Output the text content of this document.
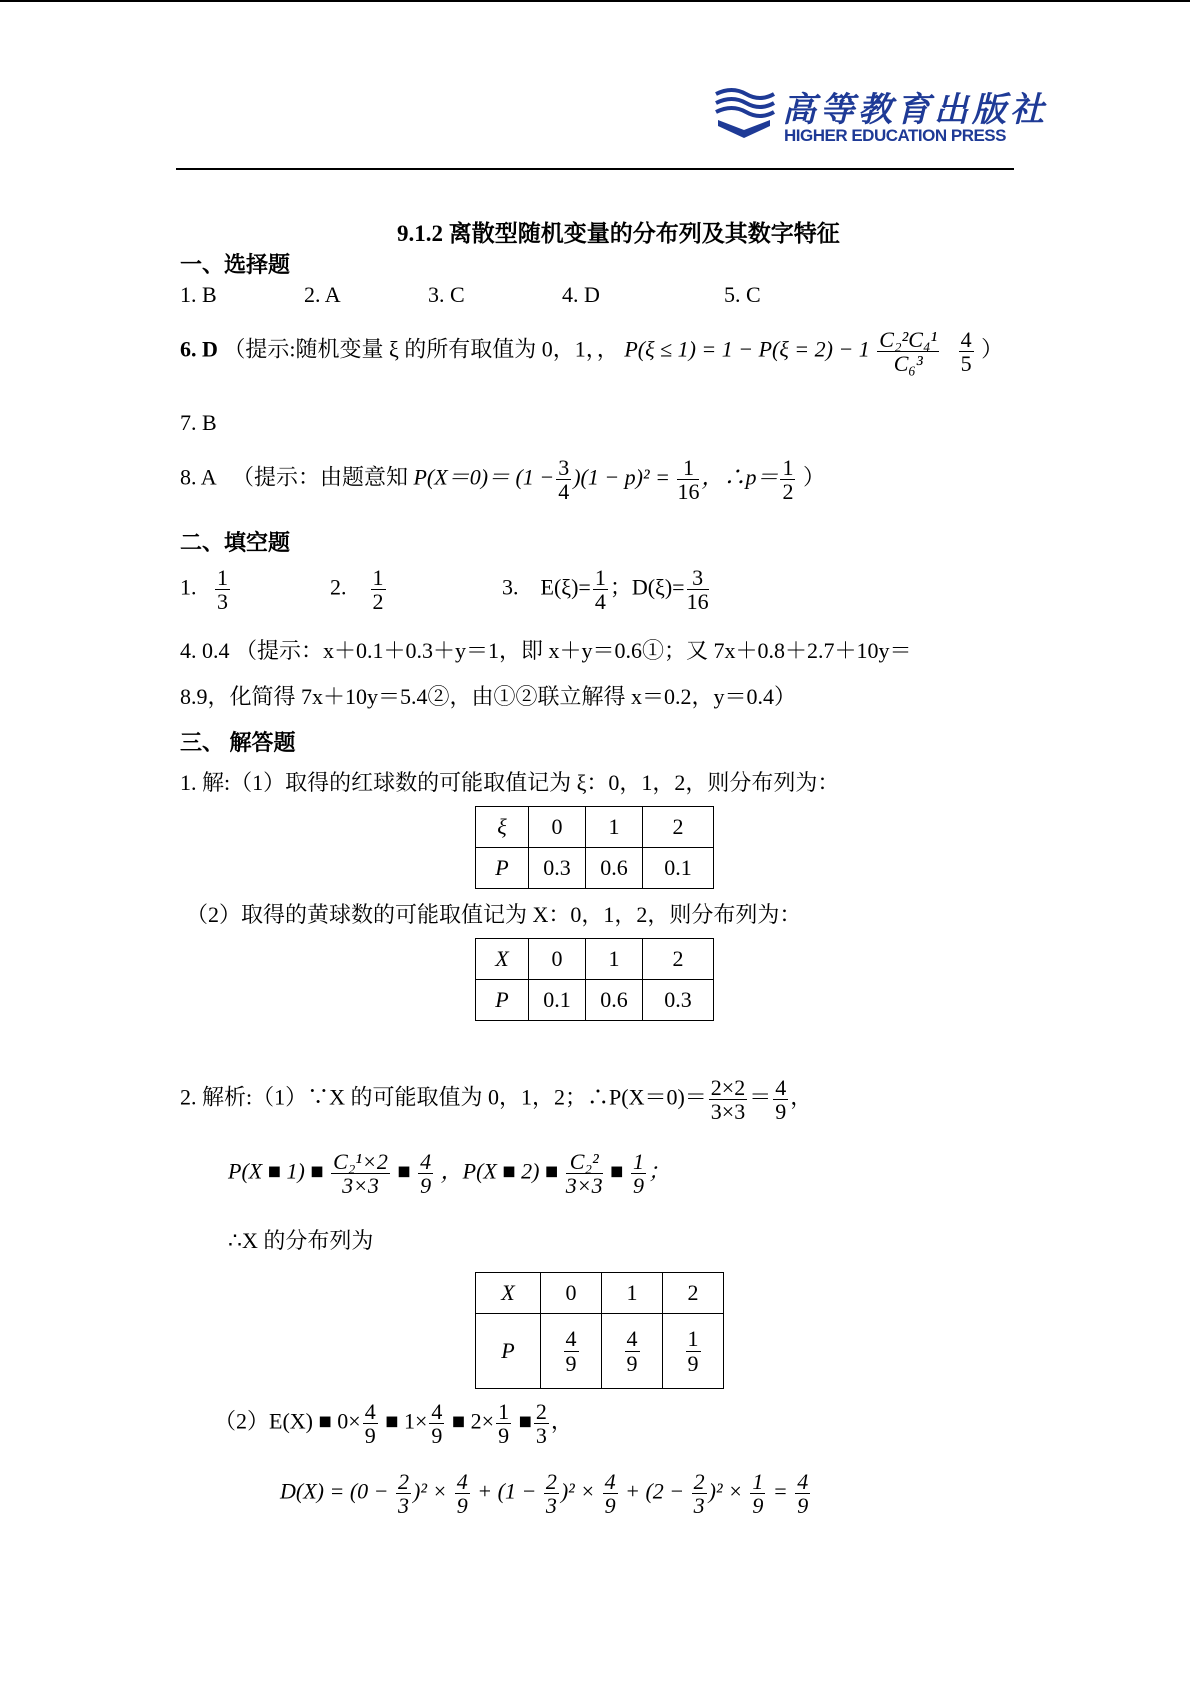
高等教育出版社
HIGHER EDUCATION PRESS
9.1.2 离散型随机变量的分布列及其数字特征
一、选择题
1. B	2. A	3. C	4. D	5. C
6. D （提示:随机变量 ξ 的所有取值为 0，1，， $P(\xi \le 1) = 1 - P(\xi = 2) - 1 \frac{\text{C₂²C₄¹}}{\text{C₆³}}$
$\frac{4}{5}$ ）
7. B
8. A （提示：由题意知 $P(X=0)= (1 - \frac{3}{4} )(1 - p)^2 = \frac{1}{16}$ ，∴p＝ $\frac{1}{2}$ ）
二、填空题
1. $\frac{1}{3}$	2. $\frac{1}{2}$	3. $E(\xi)= \frac{1}{4}$ ；$D(\xi)= \frac{3}{16}$
4. 0.4 （提示：x＋0.1＋0.3＋y＝1，即 x＋y＝0.6①；又 7x＋0.8＋2.7＋10y＝
8.9，化简得 7x＋10y＝5.4②，由①②联立解得 x＝0.2，y＝0.4）
三、 解答题
1. 解:（1）取得的红球数的可能取值记为 ξ：0，1，2，则分布列为：
ξ	0	1	2
P	0.3	0.6	0.1
（2）取得的黄球数的可能取值记为 X：0，1，2，则分布列为：
X	0	1	2
P	0.1	0.6	0.3
2. 解析:（1）∵X 的可能取值为 0，1，2；∴P(X＝0)＝ $\frac{2\times 2}{3\times 3} = \frac{4}{9}$ ，
P(X ■ 1) ■ $\frac{\text{C₂¹×2}}{3\times 3}$ ■ $\frac{4}{9}$ ，P(X ■ 2) ■ $\frac{\text{C₂²}}{3\times 3}$ ■ $\frac{1}{9}$ ；
∴X 的分布列为
X	0	1	2
P	$\frac{4}{9}$	$\frac{4}{9}$	$\frac{1}{9}$
（2）E(X) ■ $0\times \frac{4}{9}$ ■ $1\times \frac{4}{9}$ ■ $2\times \frac{1}{9}$ ■ $\frac{2}{3}$ ，
$D(X) = (0 - \frac{2}{3} )^2 \times \frac{4}{9} + (1 - \frac{2}{3} )^2 \times \frac{4}{9} + (2 - \frac{2}{3} )^2 \times \frac{1}{9} = \frac{4}{9}$
